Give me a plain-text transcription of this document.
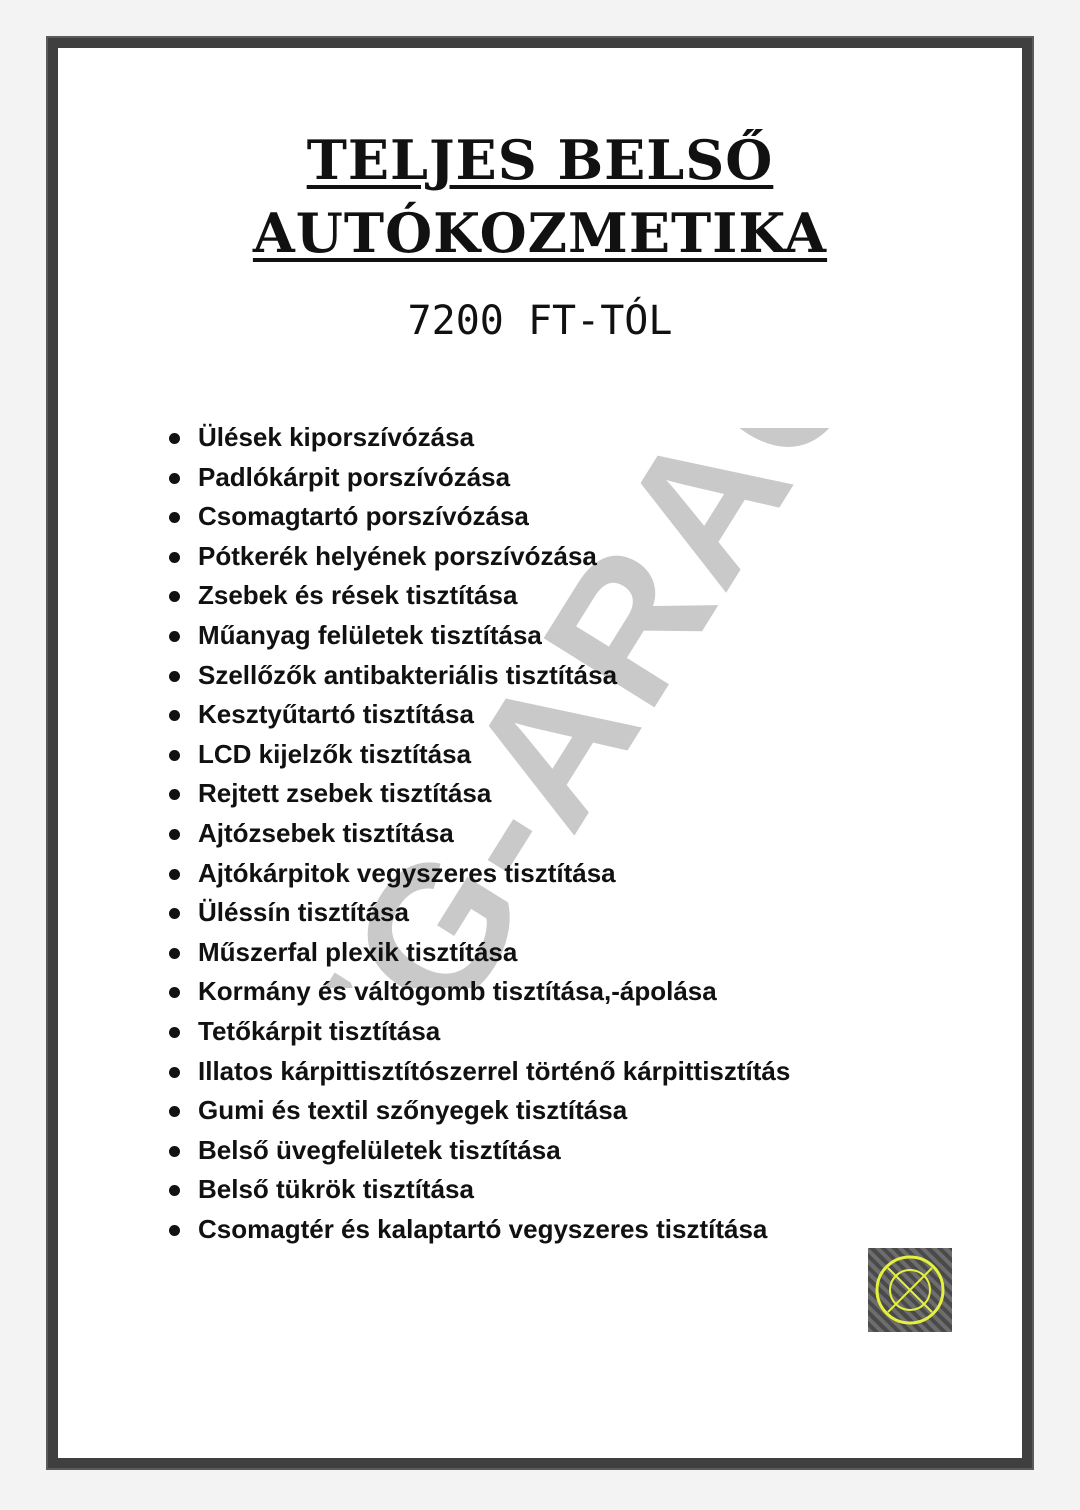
TELJES BELSŐ
AUTÓKOZMETIKA
7200 FT-TÓL
Ülések kiporszívózása
Padlókárpit porszívózása
Csomagtartó porszívózása
Pótkerék helyének porszívózása
Zsebek és rések tisztítása
Műanyag felületek tisztítása
Szellőzők antibakteriális tisztítása
Kesztyűtartó tisztítása
LCD kijelzők tisztítása
Rejtett zsebek tisztítása
Ajtózsebek tisztítása
Ajtókárpitok vegyszeres tisztítása
Üléssín tisztítása
Műszerfal plexik tisztítása
Kormány és váltógomb tisztítása,-ápolása
Tetőkárpit tisztítása
Illatos kárpittisztítószerrel történő kárpittisztítás
Gumi és textil szőnyegek tisztítása
Belső üvegfelületek tisztítása
Belső tükrök tisztítása
Csomagtér és kalaptartó vegyszeres tisztítása
